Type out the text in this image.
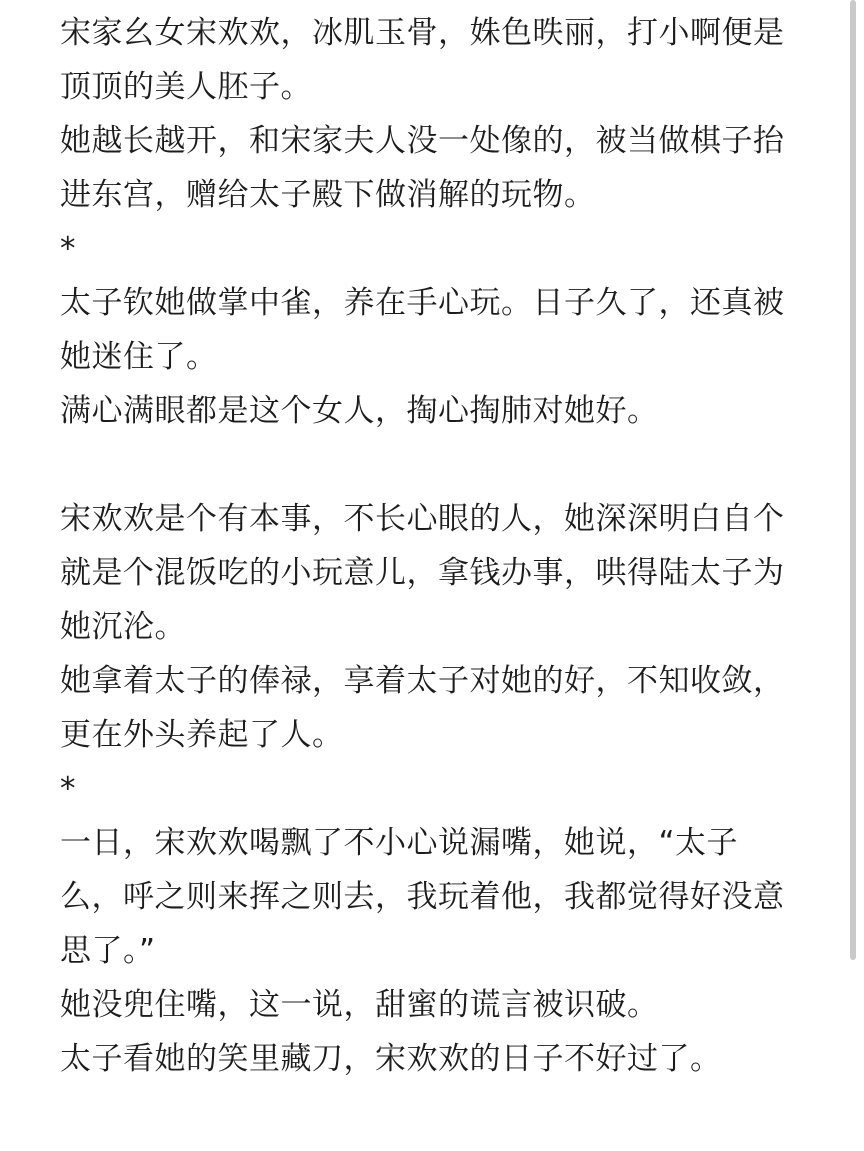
宋家幺女宋欢欢，冰肌玉骨，姝色昳丽，打小啊便是
顶顶的美人胚子。
她越长越开，和宋家夫人没一处像的，被当做棋子抬
进东宫，赠给太子殿下做消解的玩物。
*
太子钦她做掌中雀，养在手心玩。日子久了，还真被
她迷住了。
满心满眼都是这个女人，掏心掏肺对她好。
宋欢欢是个有本事，不长心眼的人，她深深明白自个
就是个混饭吃的小玩意儿，拿钱办事，哄得陆太子为
她沉沦。
她拿着太子的俸禄，享着太子对她的好，不知收敛，
更在外头养起了人。
*
一日，宋欢欢喝飘了不小心说漏嘴，她说，“太子
么，呼之则来挥之则去，我玩着他，我都觉得好没意
思了。”
她没兜住嘴，这一说，甜蜜的谎言被识破。
太子看她的笑里藏刀，宋欢欢的日子不好过了。
